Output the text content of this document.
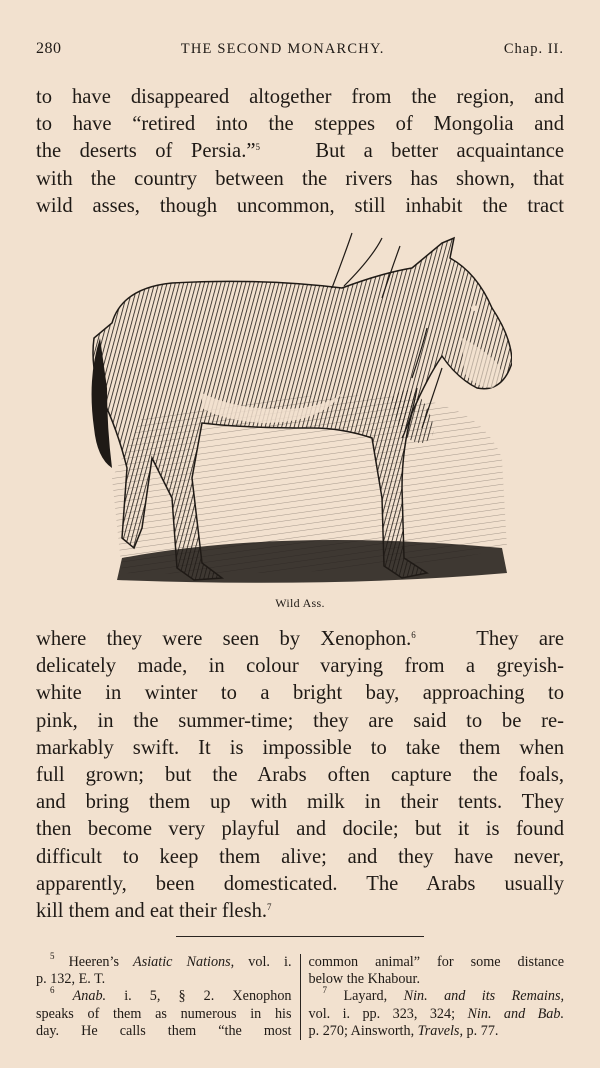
280	THE SECOND MONARCHY.	Chap. II.
to have disappeared altogether from the region, and
to have “retired into the steppes of Mongolia and
the deserts of Persia.”$^5$	But a better acquaintance
with the country between the rivers has shown, that
wild asses, though uncommon, still inhabit the tract
Wild Ass.
where they were seen by Xenophon.$^6$	They are
delicately made, in colour varying from a greyish-
white in winter to a bright bay, approaching to
pink, in the summer-time; they are said to be re-
markably swift. It is impossible to take them when
full grown; but the Arabs often capture the foals,
and bring them up with milk in their tents. They
then become very playful and docile; but it is found
difficult to keep them alive; and they have never,
apparently, been domesticated. The Arabs usually
kill them and eat their flesh.$^7$
$^5$ Heeren’s Asiatic Nations, vol. i.
p. 132, E. T.
$^6$ Anab. i. 5, § 2. Xenophon
speaks of them as numerous in his
day. He calls them “the most
common animal” for some distance
below the Khabour.
$^7$ Layard, Nin. and its Remains,
vol. i. pp. 323, 324; Nin. and Bab.
p. 270; Ainsworth, Travels, p. 77.
